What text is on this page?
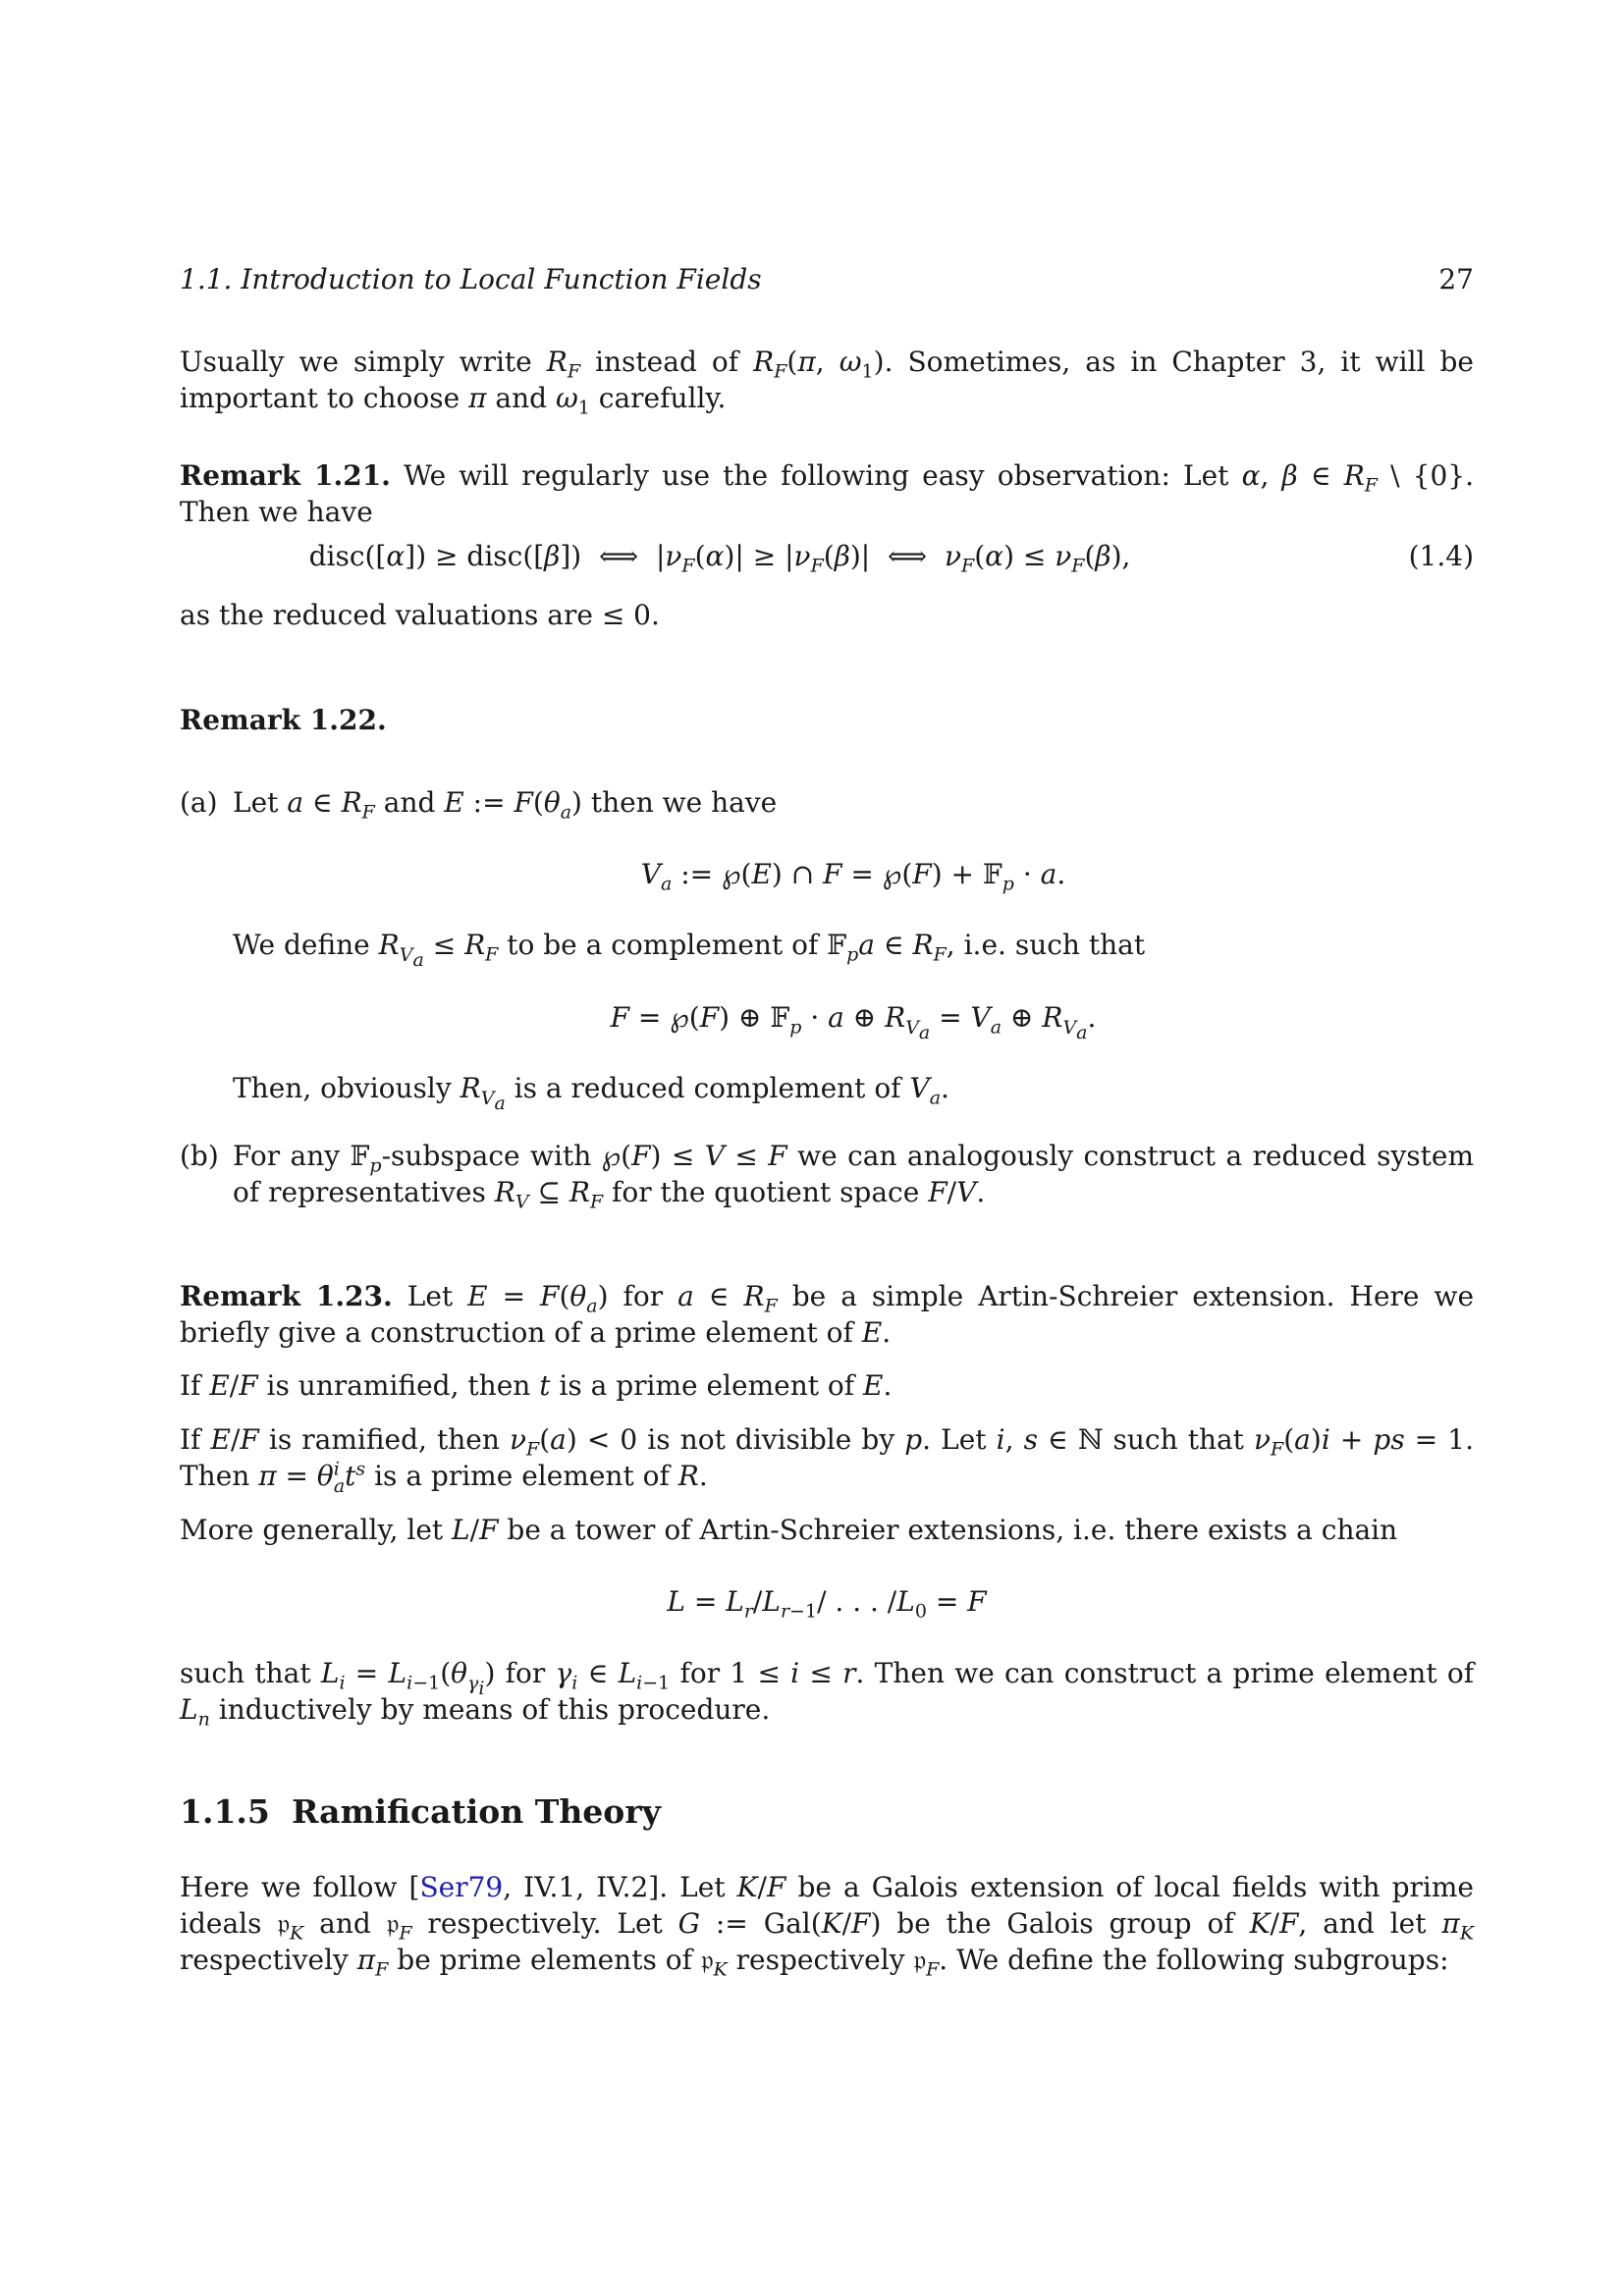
1.1. Introduction to Local Function Fields	27

Usually we simply write $R_F$ instead of $R_F(\pi$, $\omega_1$). Sometimes, as in Chapter 3, it will be important to choose π and $\omega_1$ carefully.

Remark 1.21. We will regularly use the following easy observation: Let α, β ∈ $R_F$ \ {0}. Then we have

disc([α]) ≥ disc([β])  ⟺  $|\nu_F(\alpha)| \ge |\nu_F(\beta)|$  ⟺  $\nu_F(\alpha) \le \nu_F(\beta)$,	(1.4)

as the reduced valuations are ≤ 0.

Remark 1.22.

(a) Let a ∈ $R_F$ and E := $F(\theta_a)$ then we have

$V_a$ := ℘(E) ∩ F = ℘(F) + 𝔽$_p$ · a.

We define $R_{V_a} \le R_F$ to be a complement of 𝔽$_p$a ∈ $R_F$, i.e. such that

F = ℘(F) ⊕ 𝔽$_p$ · a ⊕ $R_{V_a} = V_a$ ⊕ $R_{V_a}$.

Then, obviously $R_{V_a}$ is a reduced complement of $V_a$.

(b) For any 𝔽$_p$-subspace with ℘(F) ≤ V ≤ F we can analogously construct a reduced system of representatives $R_V$ ⊆ $R_F$ for the quotient space F/V.

Remark 1.23. Let $E = F(\theta_a)$ for a ∈ $R_F$ be a simple Artin-Schreier extension. Here we briefly give a construction of a prime element of E.

If E/F is unramified, then t is a prime element of E.

If E/F is ramified, then $\nu_F(a) < 0$ is not divisible by p. Let i, s ∈ ℕ such that $\nu_F(a)i$ + ps = 1. Then $\pi = \theta^i_at^s$ is a prime element of R.

More generally, let L/F be a tower of Artin-Schreier extensions, i.e. there exists a chain

$L = L_r/L_{r-1}/$ . . . $/L_0 = F$

such that $L_i = L_{i-1}(\theta_{\gamma_i})$ for $\gamma_i$ ∈ $L_{i-1}$ for 1 ≤ i ≤ r. Then we can construct a prime element of $L_n$ inductively by means of this procedure.

1.1.5 Ramification Theory

Here we follow [Ser79, IV.1, IV.2]. Let K/F be a Galois extension of local fields with prime ideals 𝔭$_K$ and 𝔭$_F$ respectively. Let G := Gal(K/F) be the Galois group of K/F, and let $\pi_K$ respectively $\pi_F$ be prime elements of 𝔭$_K$ respectively 𝔭$_F$. We define the following subgroups:
